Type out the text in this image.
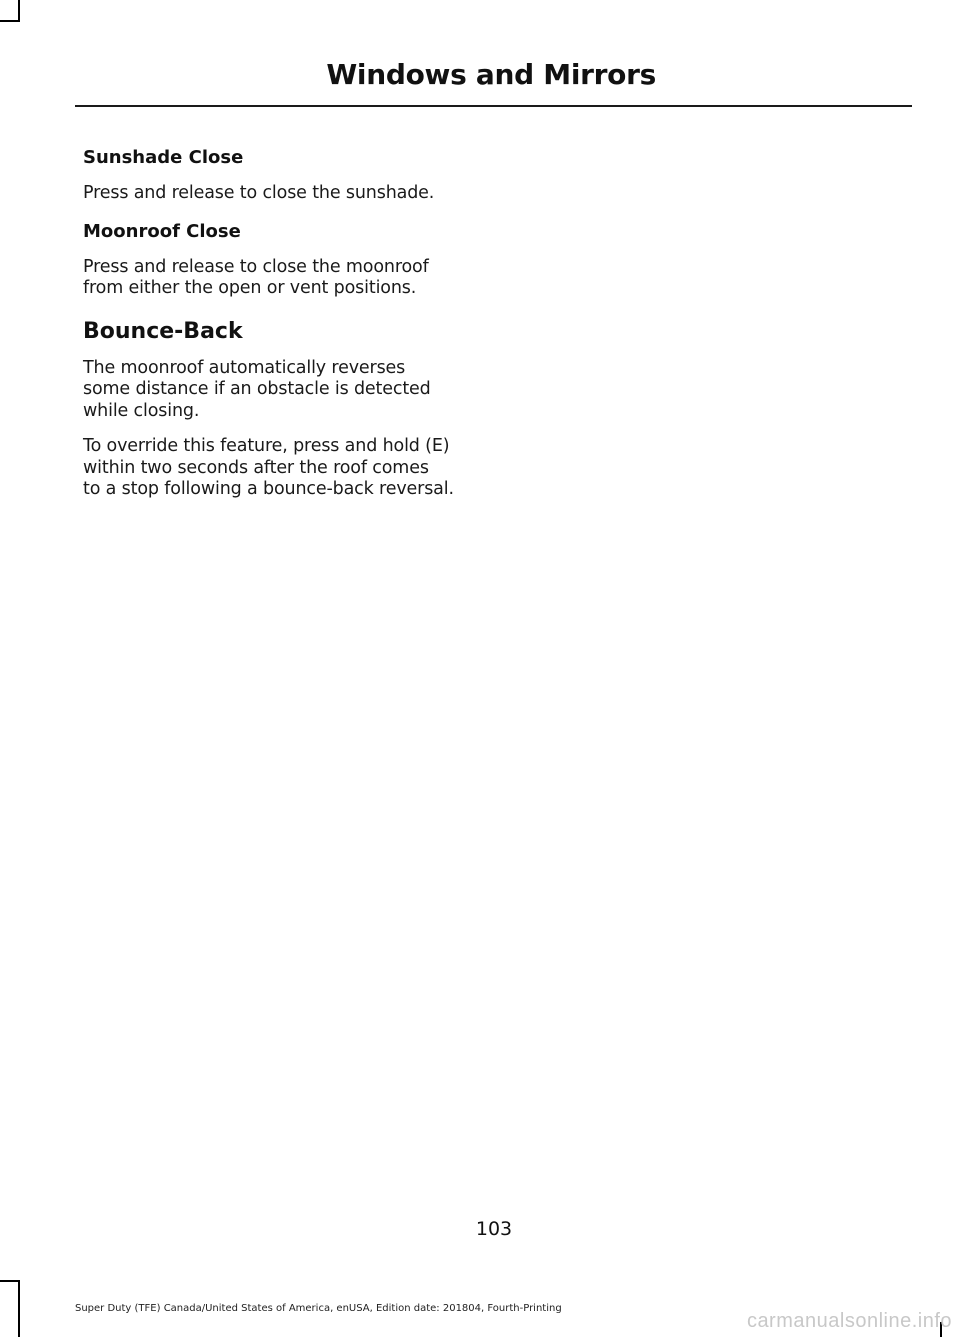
Windows and Mirrors
Sunshade Close

Press and release to close the sunshade.

Moonroof Close

Press and release to close the moonroof
from either the open or vent positions.

Bounce-Back

The moonroof automatically reverses
some distance if an obstacle is detected
while closing.

To override this feature, press and hold (E)
within two seconds after the roof comes
to a stop following a bounce-back reversal.

103
Super Duty (TFE) Canada/United States of America, enUSA, Edition date: 201804, Fourth-Printing
carmanualsonline.info
